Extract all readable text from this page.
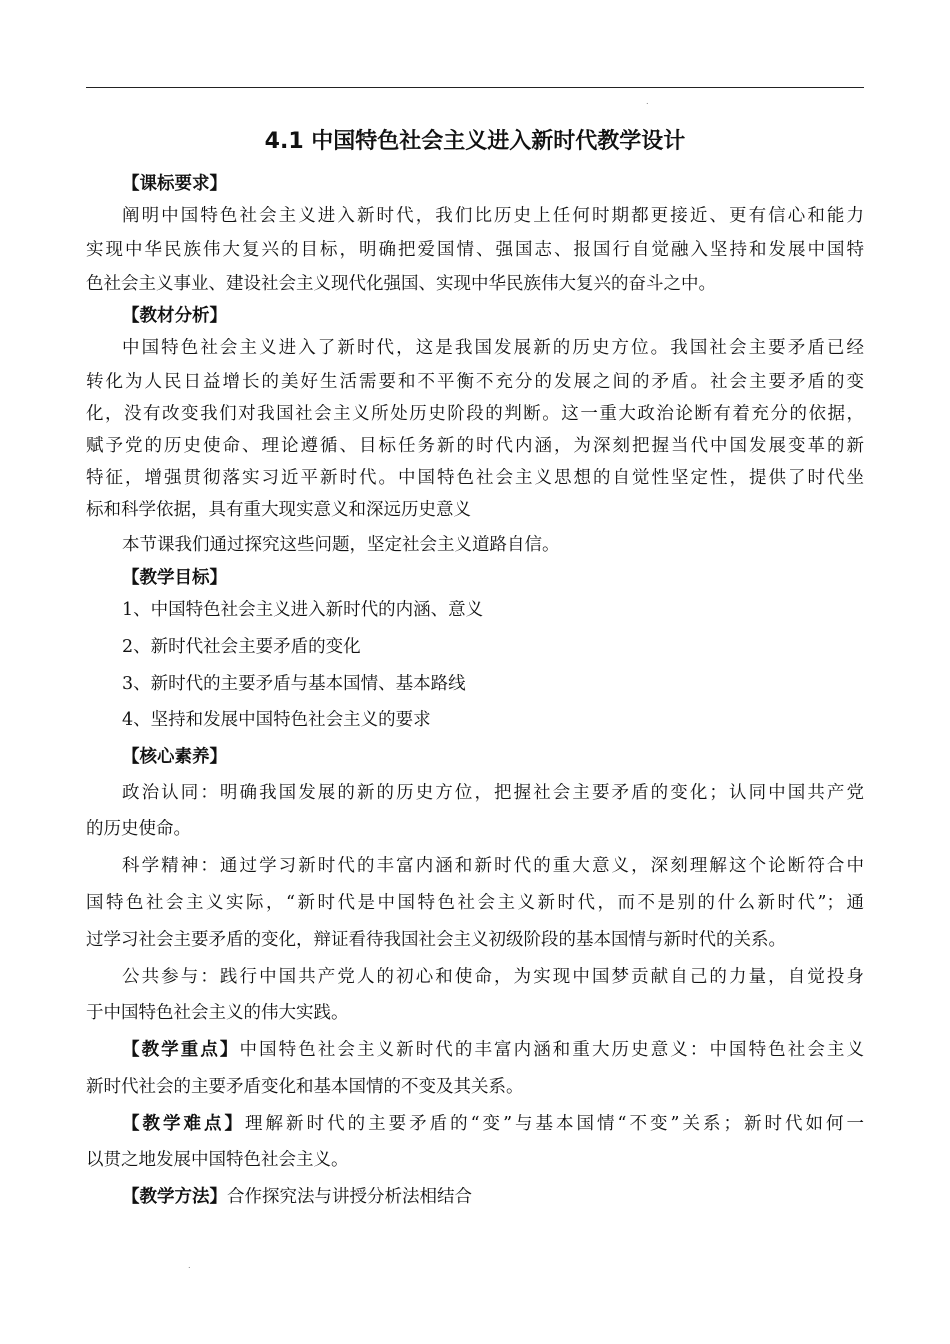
.
4.1 中国特色社会主义进入新时代教学设计

【课标要求】

阐明中国特色社会主义进入新时代，我们比历史上任何时期都更接近、更有信心和能力

实现中华民族伟大复兴的目标，明确把爱国情、强国志、报国行自觉融入坚持和发展中国特

色社会主义事业、建设社会主义现代化强国、实现中华民族伟大复兴的奋斗之中。

【教材分析】

中国特色社会主义进入了新时代，这是我国发展新的历史方位。我国社会主要矛盾已经

转化为人民日益增长的美好生活需要和不平衡不充分的发展之间的矛盾。社会主要矛盾的变

化，没有改变我们对我国社会主义所处历史阶段的判断。这一重大政治论断有着充分的依据，

赋予党的历史使命、理论遵循、目标任务新的时代内涵，为深刻把握当代中国发展变革的新

特征，增强贯彻落实习近平新时代。中国特色社会主义思想的自觉性坚定性，提供了时代坐

标和科学依据，具有重大现实意义和深远历史意义

本节课我们通过探究这些问题，坚定社会主义道路自信。

【教学目标】

1、中国特色社会主义进入新时代的内涵、意义

2、新时代社会主要矛盾的变化

3、新时代的主要矛盾与基本国情、基本路线

4、坚持和发展中国特色社会主义的要求

【核心素养】

政治认同：明确我国发展的新的历史方位，把握社会主要矛盾的变化；认同中国共产党

的历史使命。

科学精神：通过学习新时代的丰富内涵和新时代的重大意义，深刻理解这个论断符合中

国特色社会主义实际，“新时代是中国特色社会主义新时代，而不是别的什么新时代”；通

过学习社会主要矛盾的变化，辩证看待我国社会主义初级阶段的基本国情与新时代的关系。

公共参与：践行中国共产党人的初心和使命，为实现中国梦贡献自己的力量，自觉投身

于中国特色社会主义的伟大实践。

【教学重点】中国特色社会主义新时代的丰富内涵和重大历史意义：中国特色社会主义

新时代社会的主要矛盾变化和基本国情的不变及其关系。

【教学难点】理解新时代的主要矛盾的“变”与基本国情“不变”关系；新时代如何一

以贯之地发展中国特色社会主义。

【教学方法】合作探究法与讲授分析法相结合

.
